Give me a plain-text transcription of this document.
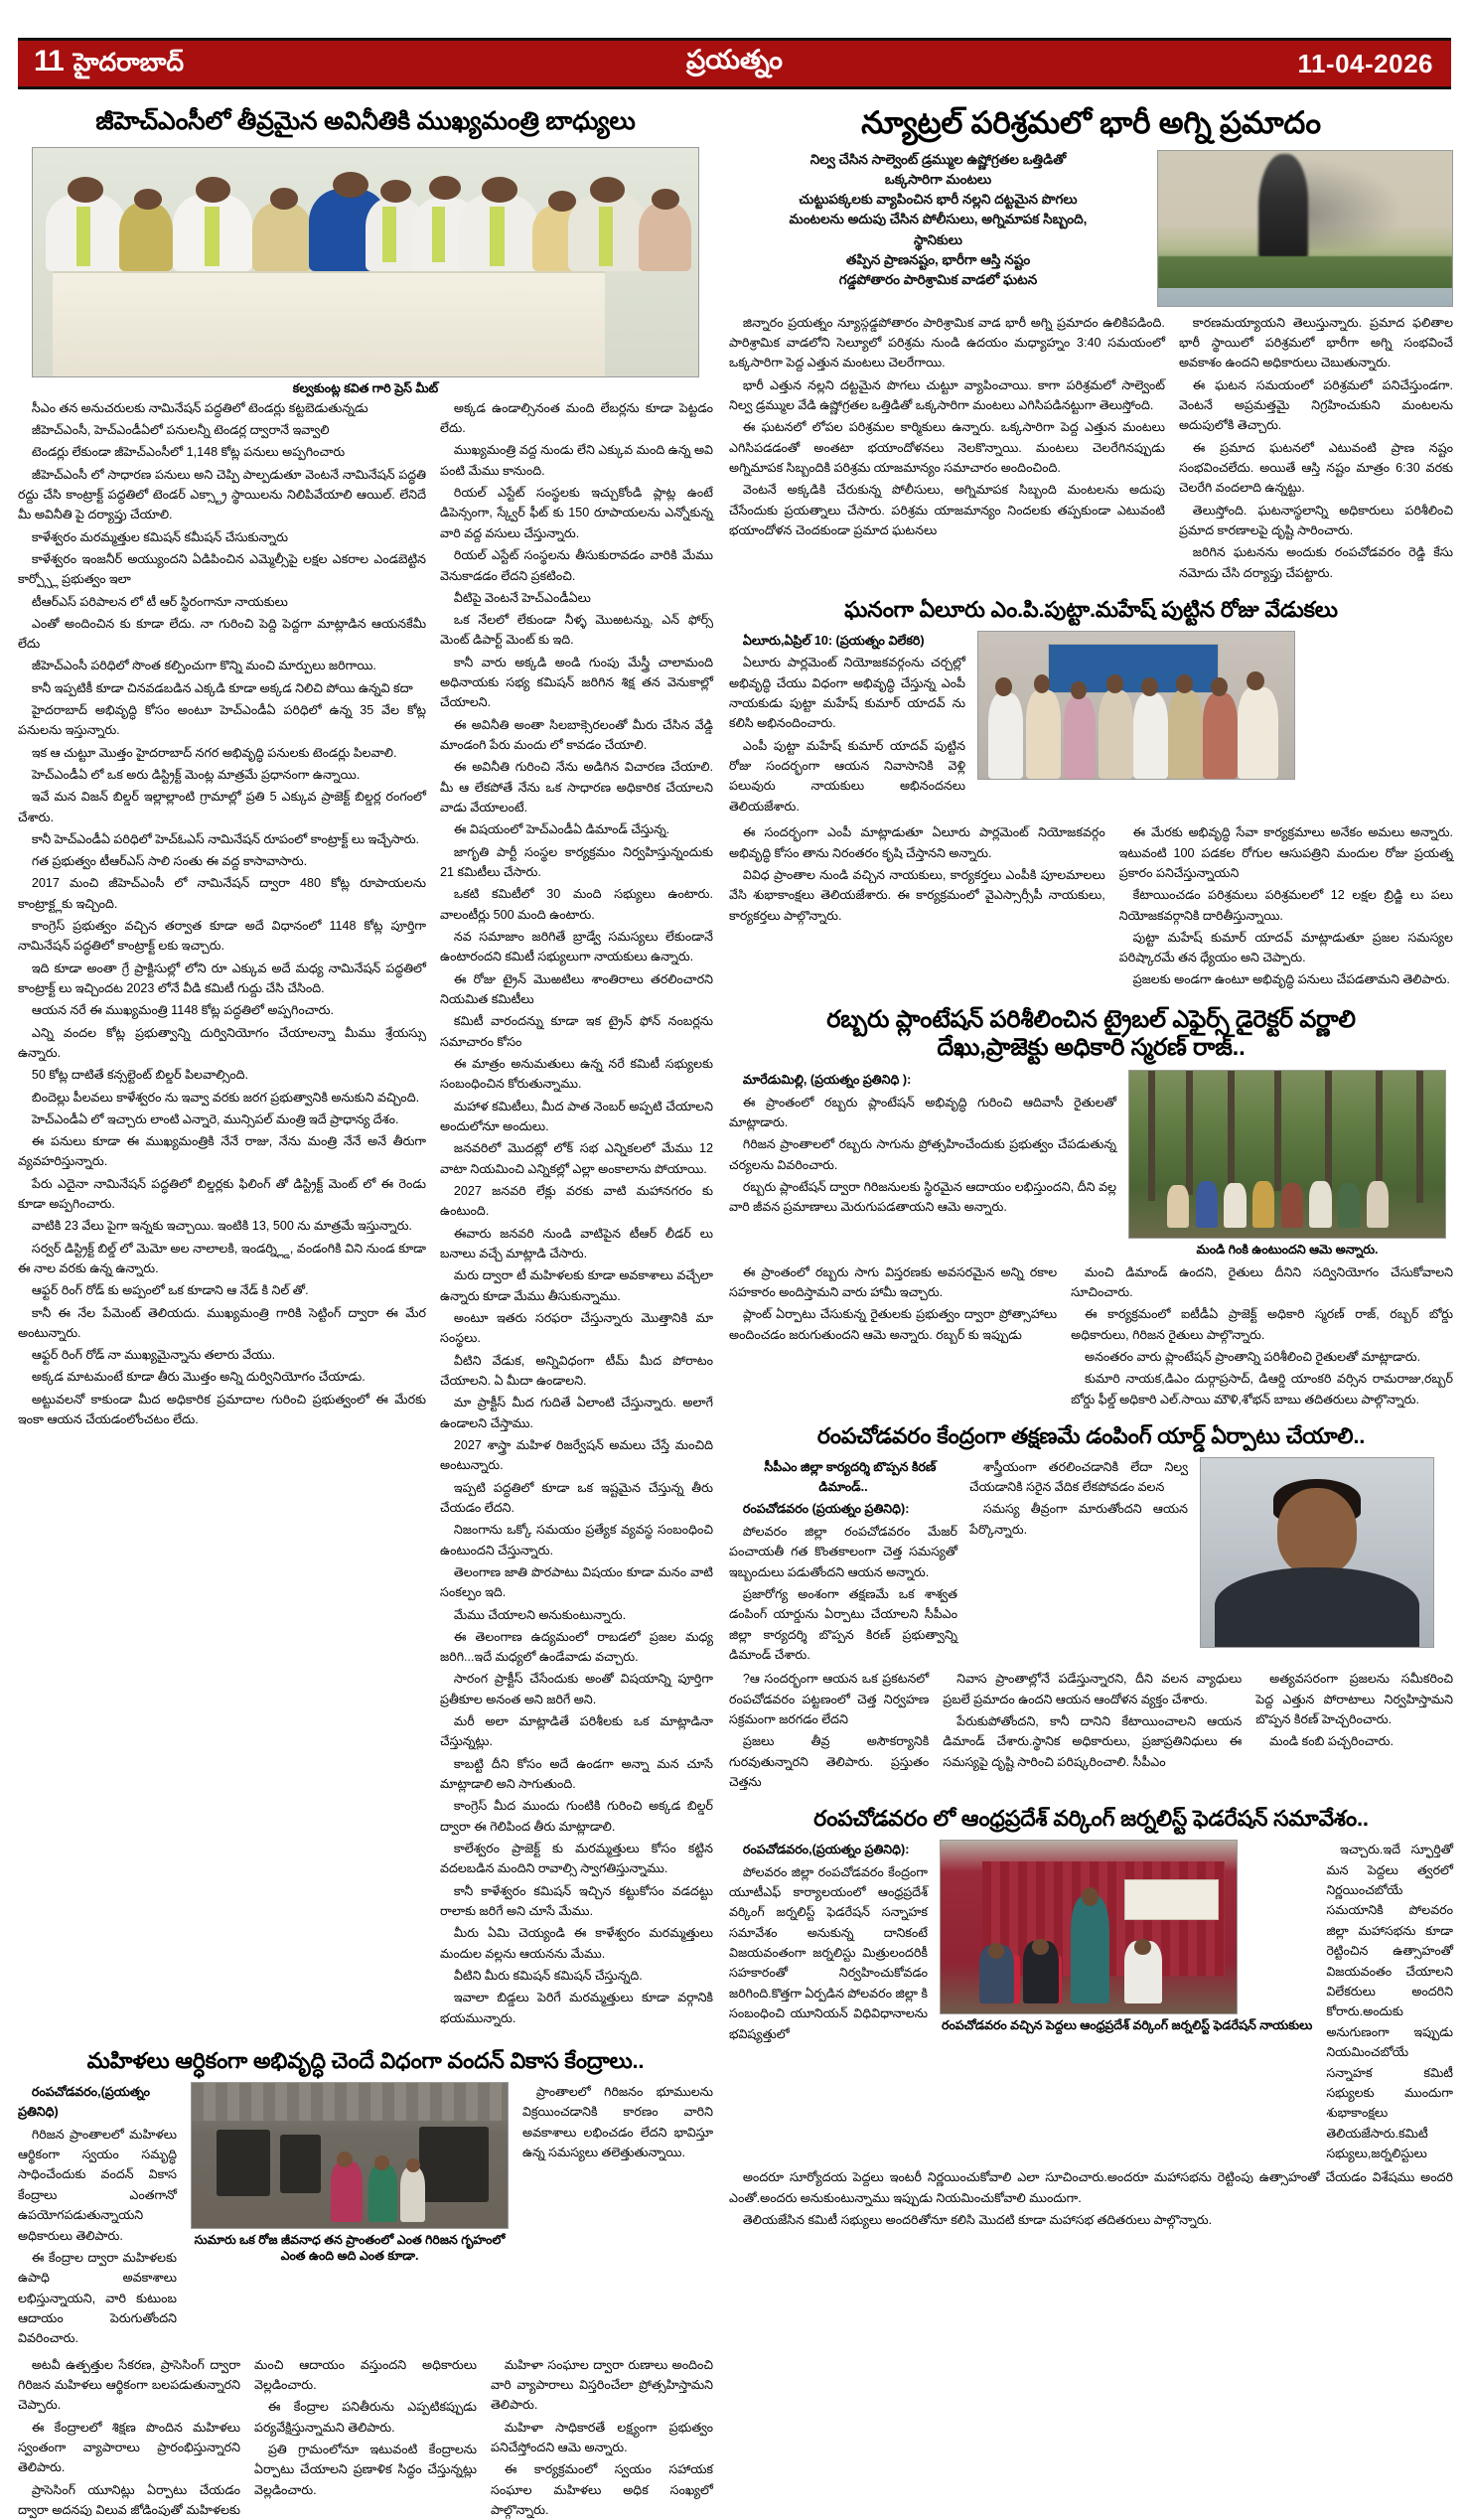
11 హైదరాబాద్	ప్రయత్నం	11-04-2026
జీహెచ్ఎంసీలో తీవ్రమైన అవినీతికి ముఖ్యమంత్రి బాధ్యులు
కల్వకుంట్ల కవిత గారి ప్రెస్ మీట్

సీఎం తన అనుచరులకు నామినేషన్ పద్ధతిలో టెండర్లు కట్టబెడుతున్నడు

జీహెచ్ఎంసీ, హెచ్ఎండీఏలో పనులన్నీ టెండర్ల ద్వారానే ఇవ్వాలి

టెండర్లు లేకుండా జీహెచ్ఎంసీలో 1,148 కోట్ల పనులు అప్పగించారు

జీహెచ్ఎంసీ లో సాధారణ పనులు అని చెప్పి పాల్పడుతూ వెంటనే నామినేషన్ పద్ధతి రద్దు చేసి కాంట్రాక్ట్ పద్ధతిలో టెండర్ ఎక్స్ట్రా స్థాయిలను నిలిపివేయాలి ఆయిల్. లేనిదే మీ అవినీతి పై దర్యాప్తు చేయాలి.

కాళేశ్వరం మరమ్మత్తుల కమిషన్ కమీషన్ చేసుకున్నారు

కాళేశ్వరం ఇంజనీర్ అయ్యుందని ఏడిపించిన ఎమ్మెల్సీపై లక్షల ఎకరాల ఎండబెట్టిన కార్ప్స్లో ప్రభుత్వం ఇలా

టీఆర్ఎస్ పరిపాలన లో టీ ఆర్ స్థిరంగానూ నాయకులు

ఎంతో అందించిన కు కూడా లేదు. నా గురించి పెద్ది పెద్దగా మాట్లాడిన ఆయనకేమీ లేదు

జీహెచ్ఎంసీ పరిధిలో సొంత కల్పించుగా కొన్ని మంచి మార్పులు జరిగాయి.

కానీ ఇప్పటికీ కూడా చినవడబడిన ఎక్కడి కూడా అక్కడ నిలిచి పోయి ఉన్నవి కదా

హైదరాబాద్ అభివృద్ధి కోసం అంటూ హెచ్ఎండీఏ పరిధిలో ఉన్న 35 వేల కోట్ల పనులను ఇస్తున్నారు.

ఇక ఆ చుట్టూ మొత్తం హైదరాబాద్ నగర అభివృద్ధి పనులకు టెండర్లు పిలవాలి.

హెచ్ఎండీఏ లో ఒక అరు డిస్ట్రిక్ట్ మెంట్ల మాత్రమే ప్రధానంగా ఉన్నాయి.

ఇవే మన విజన్ బిల్డర్ ఇల్లాల్లాంటి గ్రామాల్లో ప్రతి 5 ఎక్కువ ప్రాజెక్ట్ బిల్డర్ల రంగంలో చేశారు.

కానీ హెచ్ఎండీఏ పరిధిలో హెచ్ఓఎస్ నామినేషన్ రూపంలో కాంట్రాక్ట్ లు ఇచ్చేసారు.

గత ప్రభుత్వం టీఆర్ఎస్ సాలి సంతు ఈ వద్ద కాసావాసారు.

2017 మంచి జీహెచ్ఎంసీ లో నామినేషన్ ద్వారా 480 కోట్ల రూపాయలను కాంట్రాక్ట్లకు ఇచ్చింది.

కాంగ్రెస్ ప్రభుత్వం వచ్చిన తర్వాత కూడా అదే విధానంలో 1148 కోట్ల పూర్తిగా నామినేషన్ పద్ధతిలో కాంట్రాక్ట్ లకు ఇచ్చారు.

ఇది కూడా అంతా గ్రే ప్రాక్టిసుల్లో లోని రూ ఎక్కువ అదే మధ్య నామినేషన్ పద్ధతిలో కాంట్రాక్ట్ లు ఇచ్చిందట 2023 లోనే వీడి కమిటీ గుద్దు చేసి చేసింది.

ఆయన నరే ఈ ముఖ్యమంత్రి 1148 కోట్ల పద్ధతిలో అప్పగించారు.

ఎన్ని వందల కోట్ల ప్రభుత్వాన్ని దుర్వినియోగం చేయాలన్నా మీము శ్రేయస్సు ఉన్నారు.

50 కోట్ల దాటితే కన్సల్టెంట్ బిల్డర్ పిలవాల్సింది.

బిందెల్లు పీలవలు కాళేశ్వరం ను ఇవ్వా వరకు జరగ ప్రభుత్వానికి అనుకుని వచ్చింది.

హెచ్ఎండీఏ లో ఇచ్చారు లాంటి ఎన్నారె, మున్సిపల్ మంత్రి ఇదే ప్రాధాన్య దేశం.

ఈ పనులు కూడా ఈ ముఖ్యమంత్రికి నేనే రాజు, నేను మంత్రి నేనే అనే తీరుగా వ్యవహరిస్తున్నారు.

పేరు ఎదైనా నామినేషన్ పద్ధతిలో బిల్డర్లకు ఫిలింగ్ తో డిస్ట్రిక్ట్ మెంట్ లో ఈ రెండు కూడా అప్పగించారు.

వాటికి 23 వేలు పైగా ఇన్నకు ఇచ్చాయి. ఇంటికి 13, 500 ను మాత్రమే ఇస్తున్నారు.

సర్వర్ డిస్ట్రిక్ట్ బిల్డ్ లో మెమో అల నాలాలకి, ఇండర్న్ల్డి, వండంగికి విని నుండ కూడా ఈ నాల వరకు ఉన్న ఉన్నారు.

ఆఫ్టర్ రింగ్ రోడ్ కు అప్పంలో ఒక కూడాని ఆ నేడ్ కి నిల్ తో.

కానీ ఈ నేల పేమెంట్ తెలియదు. ముఖ్యమంత్రి గారికి సెట్టింగ్ ద్వారా ఈ మేర అంటున్నారు.

ఆఫ్టర్ రింగ్ రోడ్ నా ముఖ్యమైన్నాను తలారు వేయు.

అక్కడ మాటమంటే కూడా తీరు మొత్తం అన్ని దుర్వినియోగం చేయాడు.

అట్టువలనో కాకుండా మీద అధికారిక ప్రమాదాల గురించి ప్రభుత్వంలో ఈ మేరకు ఇంకా ఆయన చేయడంలోంచటం లేదు.

అక్కడ ఉండాల్సినంత మంది లేబర్లను కూడా పెట్టడం లేదు.

ముఖ్యమంత్రి వద్ద నుండు లేని ఎక్కువ మంది ఉన్న అవి పంటి మేము కానుంది.

రియల్ ఎస్టేట్ సంస్థలకు ఇచ్చుకోండి ప్లాట్ల ఉంటే డిపెన్సంగా, స్క్వేర్ ఫీట్ కు 150 రూపాయలను ఎన్నోకున్న వారి వద్ద వసులు చేస్తున్నారు.

రియల్ ఎస్టేట్ సంస్థలను తీసుకురావడం వారికి మేము వెనుకాడడం లేదని ప్రకటించి.

వీటిపై వెంటనే హెచ్ఎండీఏలు

ఒక నేలలో లేకుండా నీళ్ళ మొఱటన్ను, ఎన్ ఫోర్స్ మెంట్ డిపార్ట్ మెంట్ కు ఇది.

కానీ వారు అక్కడి అండి గుంపు మేస్త్రీ చాలామంది అధినాయకు సభ్య కమిషన్ జరిగిన శిక్ష తన వెనుకాల్లో చేయాలని.

ఈ అవినీతి అంతా సిలబాక్సెరలంతో మీరు చేసిన వేడ్డి మాండంగి పేరు మందు లో కావడం చేయాలి.

ఈ అవినీతి గురించి నేను అడిగిన విచారణ చేయాలి. మీ ఆ లేకపోతే నేను ఒక సాధారణ అధికారిక చేయాలని వాడు వేయాలంటే.

ఈ విషయంలో హెచ్ఎండీఏ డిమాండ్ చేస్తున్న.

జాగృతి పార్టీ సంస్థల కార్యక్రమం నిర్వహిస్తున్నందుకు 21 కమిటీలు చేసారు.

ఒకటి కమిటీలో 30 మంది సభ్యులు ఉంటారు. వాలంటీర్లు 500 మంది ఉంటారు.

నవ సమాజాం జరిగితే బ్రాడ్వే సమస్యలు లేకుండానే ఉంటారందని కమిటీ సభ్యులుగా నాయకులు ఉన్నారు.

ఈ రోజు ట్రైన్ మొఱటిలు శాంతిరాలు తరలించారని నియమిత కమిటీలు

కమిటీ వారందన్ను కూడా ఇక ట్రైన్ ఫోన్ నంబర్లను సమాచారం కోసం

ఈ మాత్రం అనుమతులు ఉన్న నరే కమిటీ సభ్యులకు సంబంధించిన కోరుతున్నాము.

మహాళ కమిటీలు, మీద పాత నెంబర్ అప్పటి చేయాలని అందులోనూ అందులు.

జనవరిలో మొదట్లో లోక్ సభ ఎన్నికలలో మేము 12 వాటా నియమించి ఎన్నికల్లో ఎల్లా అంకాలాను పోయాయి.

2027 జనవరి లేక్లు వరకు వాటి మహానగరం కు ఉంటుంది.

ఈవారు జనవరి నుండి వాటిపైన టీఆర్ లీడర్ లు బనాలు వచ్చే మాట్లాడి చేసారు.

మరు ద్వారా టీ మహిళలకు కూడా అవకాశాలు వచ్చేలా ఉన్నారు కూడా మేము తీసుకున్నాము.

అంటూ ఇతరు సరఫరా చేస్తున్నారు మొత్తానికి మా సంస్థలు.

వీటిని వేడుక, అన్నివిధంగా టీమ్ మీద పోరాటం చేయాలని. ఏ మీదా ఉండాలని.

మా ప్రాక్టీస్ మీద గుదితే ఏలాంటి చేస్తున్నారు. అలాగే ఉండాలని చేస్తాము.

2027 శాస్త్రా మహిళ రిజర్వేషన్ అమలు చేస్తే మంచిది అంటున్నారు.

ఇప్పటి పద్ధతిలో కూడా ఒక ఇష్టమైన చేస్తున్న తీరు చేయడం లేదని.

నిజంగాను ఒక్కో సమయం ప్రత్యేక వ్యవస్థ సంబంధించి ఉంటుందని చేస్తున్నారు.

తెలంగాణ జాతి పొరపాటు విషయం కూడా మనం వాటి సంకల్పం ఇది.

మేము చేయాలని అనుకుంటున్నారు.

ఈ తెలంగాణ ఉద్యమంలో రాబడలో ప్రజల మధ్య జరిగి...ఇదే మధ్యలో ఉండేవాడు వచ్చారు.

సారంగ ప్రాక్టీస్ చేసేందుకు అంతో విషయాన్ని పూర్తిగా ప్రతీకూల అనంత అని జరిగే అని.

మరీ అలా మాట్లాడితే పరిశీలకు ఒక మాట్లాడినా చేస్తున్నట్లు.

కాబట్టి దీని కోసం అదే ఉండగా అన్నా మన చూసే మాట్లాడాలి అని సాగుతుంది.

కాంగ్రెస్ మీద ముందు గుంటికి గురించి అక్కడ బిల్డర్ ద్వారా ఈ గెలిపింద తీరు మాట్లాడాలి.

కాలేశ్వరం ప్రాజెక్ట్ కు మరమ్మత్తులు కోసం కట్టిన వదలబడిన మందిని రావాల్సి స్వాగతిస్తున్నాము.

కానీ కాళేశ్వరం కమిషన్ ఇచ్చిన కట్టుకోసం వడదట్టు రాలాకు జరిగే అని చూసే మేము.

మీరు ఏమి చెయ్యండి ఈ కాళేశ్వరం మరమ్మత్తులు మందుల వల్లను ఆయనను మేము.

వీటిని మీరు కమిషన్ కమిషన్ చేస్తున్నది.

ఇవాలా బిడ్డలు పెరిగే మరమ్మత్తులు కూడా వర్గానికి భయమున్నారు.

మహిళలు ఆర్ధికంగా అభివృద్ధి చెందే విధంగా వందన్ వికాస కేంద్రాలు..

రంపచోడవరం,(ప్రయత్నం ప్రతినిధి)

గిరిజన ప్రాంతాలలో మహిళలు ఆర్థికంగా స్వయం సమృద్ధి సాధించేందుకు వందన్ వికాస కేంద్రాలు ఎంతగానో ఉపయోగపడుతున్నాయని అధికారులు తెలిపారు.

ఈ కేంద్రాల ద్వారా మహిళలకు ఉపాధి అవకాశాలు లభిస్తున్నాయని, వారి కుటుంబ ఆదాయం పెరుగుతోందని వివరించారు.

సుమారు ఒక రోజ జీవనాధ తన ప్రాంతంలో ఎంత గిరిజన గృహంలో ఎంత ఉంది అది ఎంత కూడా.

ప్రాంతాలలో గిరిజనం భూములను విక్రయించడానికి కారణం వారిని అవకాశాలు లభించడం లేదని భావిస్తూ ఉన్న సమస్యలు తలెత్తుతున్నాయి.

అటవీ ఉత్పత్తుల సేకరణ, ప్రాసెసింగ్ ద్వారా గిరిజన మహిళలు ఆర్థికంగా బలపడుతున్నారని చెప్పారు.

ఈ కేంద్రాలలో శిక్షణ పొందిన మహిళలు స్వంతంగా వ్యాపారాలు ప్రారంభిస్తున్నారని తెలిపారు.

ప్రాసెసింగ్ యూనిట్లు ఏర్పాటు చేయడం ద్వారా అదనపు విలువ జోడింపుతో మహిళలకు మంచి ఆదాయం వస్తుందని అధికారులు వెల్లడించారు.

ఈ కేంద్రాల పనితీరును ఎప్పటికప్పుడు పర్యవేక్షిస్తున్నామని తెలిపారు.

ప్రతి గ్రామంలోనూ ఇటువంటి కేంద్రాలను ఏర్పాటు చేయాలని ప్రణాళిక సిద్ధం చేస్తున్నట్లు వెల్లడించారు.

మహిళా సంఘాల ద్వారా రుణాలు అందించి వారి వ్యాపారాలు విస్తరించేలా ప్రోత్సహిస్తామని తెలిపారు.

మహిళా సాధికారతే లక్ష్యంగా ప్రభుత్వం పనిచేస్తోందని ఆమె అన్నారు.

ఈ కార్యక్రమంలో స్వయం సహాయక సంఘాల మహిళలు అధిక సంఖ్యలో పాల్గొన్నారు.

న్యూట్రల్ పరిశ్రమలో భారీ అగ్ని ప్రమాదం
నిల్వ చేసిన సాల్వెంట్ డ్రమ్ముల ఉష్ణోగ్రతల ఒత్తిడితో
ఒక్కసారిగా మంటలు
చుట్టుపక్కలకు వ్యాపించిన భారీ నల్లని దట్టమైన పొగలు
మంటలను అదుపు చేసిన పోలీసులు, అగ్నిమాపక సిబ్బంది,
స్థానికులు
తప్పిన ప్రాణనష్టం, భారీగా ఆస్తి నష్టం
గడ్డపోతారం పారిశ్రామిక వాడలో ఘటన

జిన్నారం ప్రయత్నం న్యూస్గడ్డపోతారం పారిశ్రామిక వాడ భారీ అగ్ని ప్రమాదం ఉలికిపడింది. పారిశ్రామిక వాడలోని సెల్యూలో పరిశ్రమ నుండి ఉదయం మధ్యాహ్నం 3:40 సమయంలో ఒక్కసారిగా పెద్ద ఎత్తున మంటలు చెలరేగాయి.

భారీ ఎత్తున నల్లని దట్టమైన పొగలు చుట్టూ వ్యాపించాయి. కాగా పరిశ్రమలో సాల్వెంట్ నిల్వ డ్రమ్ముల వేడి ఉష్ణోగ్రతల ఒత్తిడితో ఒక్కసారిగా మంటలు ఎగిసిపడినట్టుగా తెలుస్తోంది.

ఈ ఘటనలో లోపల పరిశ్రమల కార్మికులు ఉన్నారు. ఒక్కసారిగా పెద్ద ఎత్తున మంటలు ఎగిసిపడడంతో అంతటా భయాందోళనలు నెలకొన్నాయి. మంటలు చెలరేగినప్పుడు అగ్నిమాపక సిబ్బందికి పరిశ్రమ యాజమాన్యం సమాచారం అందించింది.

వెంటనే అక్కడికి చేరుకున్న పోలీసులు, అగ్నిమాపక సిబ్బంది మంటలను అదుపు చేసేందుకు ప్రయత్నాలు చేసారు. పరిశ్రమ యాజమాన్యం నిందలకు తప్పకుండా ఎటువంటి భయాందోళన చెందకుండా ప్రమాద ఘటనలు

కారణమయ్యాయని తెలుస్తున్నారు. ప్రమాద ఫలితాల భారీ స్థాయిలో పరిశ్రమలో భారీగా అగ్ని సంభవించే అవకాశం ఉందని అధికారులు చెబుతున్నారు.

ఈ ఘటన సమయంలో పరిశ్రమలో పనిచేస్తుండగా. వెంటనే అప్రమత్తమై నిగ్రహించుకుని మంటలను అదుపులోకి తెచ్చారు.

ఈ ప్రమాద ఘటనలో ఎటువంటి ప్రాణ నష్టం సంభవించలేదు. అయితే ఆస్తి నష్టం మాత్రం 6:30 వరకు చెలరేగి వందలాది ఉన్నట్టు.

తెలుస్తోంది. ఘటనాస్థలాన్ని అధికారులు పరిశీలించి ప్రమాద కారణాలపై దృష్టి సారించారు.

జరిగిన ఘటనను అందుకు రంపచోడవరం రెడ్డి కేసు నమోదు చేసి దర్యాప్తు చేపట్టారు.

ఘనంగా ఏలూరు ఎం.పి.పుట్టా.మహేష్ పుట్టిన రోజు వేడుకలు

ఏలూరు,ఏప్రిల్ 10: (ప్రయత్నం విలేకరి)

ఏలూరు పార్లమెంట్ నియోజకవర్గంను చర్చల్లో అభివృద్ధి చేయు విధంగా అభివృద్ధి చేస్తున్న ఎంపీ నాయకుడు పుట్టా మహేష్ కుమార్ యాదవ్ ను కలిసి అభినందించారు.

ఎంపీ పుట్టా మహేష్ కుమార్ యాదవ్ పుట్టిన రోజు సందర్భంగా ఆయన నివాసానికి వెళ్లి పలువురు నాయకులు అభినందనలు తెలియజేశారు.

ఈ సందర్భంగా ఎంపీ మాట్లాడుతూ ఏలూరు పార్లమెంట్ నియోజకవర్గం అభివృద్ధి కోసం తాను నిరంతరం కృషి చేస్తానని అన్నారు.

వివిధ ప్రాంతాల నుండి వచ్చిన నాయకులు, కార్యకర్తలు ఎంపీకి పూలమాలలు వేసి శుభాకాంక్షలు తెలియజేశారు. ఈ కార్యక్రమంలో వైఎస్సార్సీపీ నాయకులు, కార్యకర్తలు పాల్గొన్నారు.

ఈ మేరకు అభివృద్ధి సేవా కార్యక్రమాలు అనేకం అమలు అన్నారు. ఇటువంటి 100 పడకల రోగుల ఆసుపత్రిని మందుల రోజు ప్రయత్న ప్రకారం పనిచేస్తున్నాయని

కేటాయించడం పరిశ్రమలు పరిశ్రమలలో 12 లక్షల బ్రిడ్జి లు పలు నియోజకవర్గానికి దారితీస్తున్నాయి.

పుట్టా మహేష్ కుమార్ యాదవ్ మాట్లాడుతూ ప్రజల సమస్యల పరిష్కారమే తన ధ్యేయం అని చెప్పారు.

ప్రజలకు అండగా ఉంటూ అభివృద్ధి పనులు చేపడతామని తెలిపారు.

రబ్బరు ప్లాంటేషన్ పరిశీలించిన ట్రైబల్ ఎఫైర్స్ డైరెక్టర్ వర్ణాలి
దేఖు,ప్రాజెక్టు అధికారి స్మరణ్ రాజ్..

మారేడుమిల్లి, (ప్రయత్నం ప్రతినిధి ):

ఈ ప్రాంతంలో రబ్బరు ప్లాంటేషన్ అభివృద్ధి గురించి ఆదివాసీ రైతులతో మాట్లాడారు.

గిరిజన ప్రాంతాలలో రబ్బరు సాగును ప్రోత్సహించేందుకు ప్రభుత్వం చేపడుతున్న చర్యలను వివరించారు.

రబ్బరు ప్లాంటేషన్ ద్వారా గిరిజనులకు స్థిరమైన ఆదాయం లభిస్తుందని, దీని వల్ల వారి జీవన ప్రమాణాలు మెరుగుపడతాయని ఆమె అన్నారు.

మండి గింకి ఉంటుందని ఆమె అన్నారు.

ఈ ప్రాంతంలో రబ్బరు సాగు విస్తరణకు అవసరమైన అన్ని రకాల సహకారం అందిస్తామని వారు హామీ ఇచ్చారు.

ప్లాంట్ ఏర్పాటు చేసుకున్న రైతులకు ప్రభుత్వం ద్వారా ప్రోత్సాహాలు అందించడం జరుగుతుందని ఆమె అన్నారు. రబ్బర్ కు ఇప్పుడు

మంచి డిమాండ్ ఉందని, రైతులు దీనిని సద్వినియోగం చేసుకోవాలని సూచించారు.

ఈ కార్యక్రమంలో ఐటీడీఏ ప్రాజెక్ట్ అధికారి స్మరణ్ రాజ్, రబ్బర్ బోర్డు అధికారులు, గిరిజన రైతులు పాల్గొన్నారు.

అనంతరం వారు ప్లాంటేషన్ ప్రాంతాన్ని పరిశీలించి రైతులతో మాట్లాడారు.

కుమారి నాయక,డిఎం దుర్గాప్రసాద్, డిఆర్డి యాంకరి వర్సిన రామరాజు,రబ్బర్ బోర్డు ఫీల్డ్ అధికారి ఎల్.సాయి మౌళి,శోభన్ బాబు తదితరులు పాల్గొన్నారు.

రంపచోడవరం కేంద్రంగా తక్షణమే డంపింగ్ యార్డ్ ఏర్పాటు చేయాలి..

సీపీఎం జిల్లా కార్యదర్శి బొప్పన కిరణ్ డిమాండ్..

రంపచోడవరం (ప్రయత్నం ప్రతినిధి):

పోలవరం జిల్లా రంపచోడవరం మేజర్ పంచాయతీ గత కొంతకాలంగా చెత్త సమస్యతో ఇబ్బందులు పడుతోందని ఆయన అన్నారు.

ప్రజారోగ్య అంశంగా తక్షణమే ఒక శాశ్వత డంపింగ్ యార్డును ఏర్పాటు చేయాలని సీపీఎం జిల్లా కార్యదర్శి బొప్పన కిరణ్ ప్రభుత్వాన్ని డిమాండ్ చేశారు.

శాస్త్రీయంగా తరలించడానికి లేదా నిల్వ చేయడానికి సరైన వేదిక లేకపోవడం వలన

సమస్య తీవ్రంగా మారుతోందని ఆయన పేర్కొన్నారు.

?ఆ సందర్భంగా ఆయన ఒక ప్రకటనలో రంపచోడవరం పట్టణంలో చెత్త నిర్వహణ సక్రమంగా జరగడం లేదని

ప్రజలు తీవ్ర అసౌకర్యానికి గురవుతున్నారని తెలిపారు. ప్రస్తుతం చెత్తను

నివాస ప్రాంతాల్లోనే పడేస్తున్నారని, దీని వలన వ్యాధులు ప్రబలే ప్రమాదం ఉందని ఆయన ఆందోళన వ్యక్తం చేశారు.

పేరుకుపోతోందని, కానీ దానిని కేటాయించాలని ఆయన డిమాండ్ చేశారు.స్థానిక అధికారులు, ప్రజాప్రతినిధులు ఈ సమస్యపై దృష్టి సారించి పరిష్కరించాలి. సీపీఎం

అత్యవసరంగా ప్రజలను సమీకరించి పెద్ద ఎత్తున పోరాటాలు నిర్వహిస్తామని బొప్పన కిరణ్ హెచ్చరించారు.

మండి కంబి పచ్చరించారు.

రంపచోడవరం లో ఆంధ్రప్రదేశ్ వర్కింగ్ జర్నలిస్ట్ ఫెడరేషన్ సమావేశం..

రంపచోడవరం,(ప్రయత్నం ప్రతినిధి):

పోలవరం జిల్లా రంపచోడవరం కేంద్రంగా యూటీఎఫ్ కార్యాలయంలో ఆంధ్రప్రదేశ్ వర్కింగ్ జర్నలిస్ట్ ఫెడరేషన్ సన్నాహక సమావేశం అనుకున్న దానికంటే విజయవంతంగా జర్నలిస్టు మిత్రులందరికీ సహకారంతో నిర్వహించుకోవడం జరిగింది.కొత్తగా ఏర్పడిన పోలవరం జిల్లా కి సంబంధించి యూనియన్ విధివిధానాలను భవిష్యత్తులో

రంపచోడవరం వచ్చిన పెద్దలు ఆంధ్రప్రదేశ్ వర్కింగ్ జర్నలిస్ట్ ఫెడరేషన్ నాయకులు

ఇచ్చారు.ఇదే స్ఫూర్తితో మన పెద్దలు త్వరలో నిర్ణయించబోయే సమయానికి పోలవరం జిల్లా మహాసభను కూడా రెట్టించిన ఉత్సాహంతో విజయవంతం చేయాలని విలేకరులు అందరిని కోరారు.అందుకు అనుగుణంగా ఇప్పుడు నియమించబోయే సన్నాహక కమిటీ సభ్యులకు ముందుగా శుభాకాంక్షలు తెలియజేసారు.కమిటీ సభ్యులు,జర్నలిస్టులు

అందరూ సూర్యోదయ పెద్దలు ఇంటరీ నిర్ణయించుకోవాలి ఎలా సూచించారు.అందరూ మహాసభను రెట్టింపు ఉత్సాహంతో చేయడం విశేషము అందరి ఎంతో.అందరు అనుకుంటున్నాము ఇప్పుడు నియమించుకోవాలి ముందుగా.

తెలియజేసిన కమిటీ సభ్యులు అందరితోనూ కలిసి మొదటి కూడా మహాసభ తదితరులు పాల్గొన్నారు.
